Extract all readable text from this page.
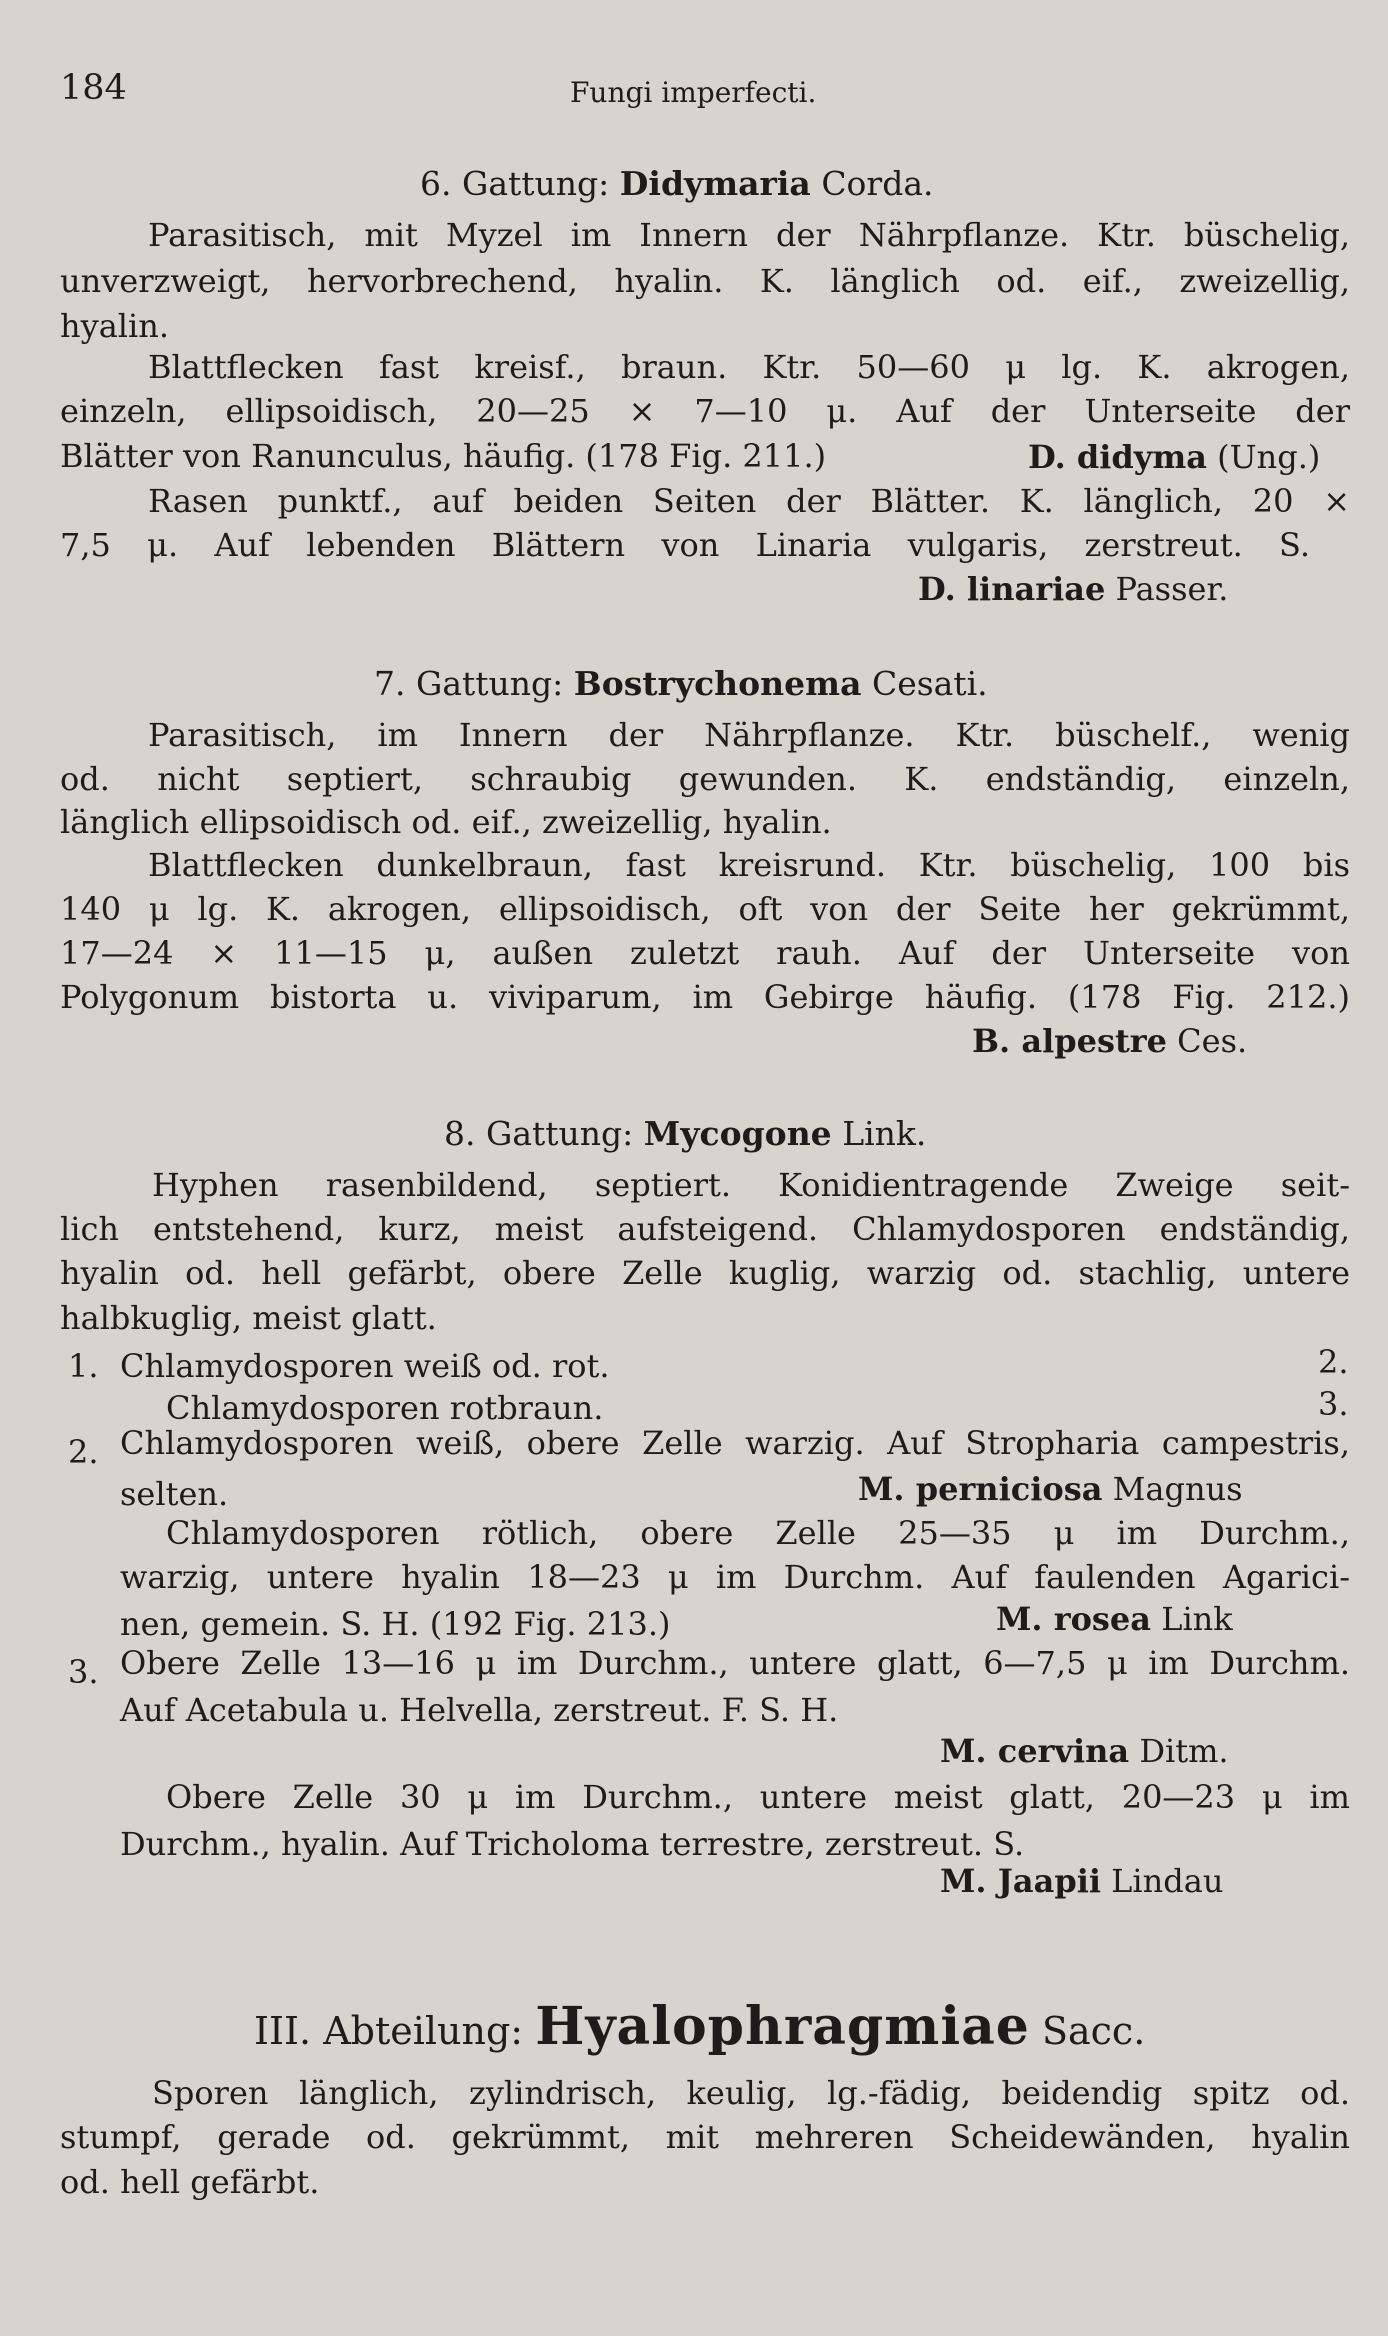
184	Fungi imperfecti.
6. Gattung: Didymaria Corda.
Parasitisch, mit Myzel im Innern der Nährpflanze. Ktr. büschelig,
unverzweigt, hervorbrechend, hyalin. K. länglich od. eif., zweizellig,
hyalin.
Blattflecken fast kreisf., braun. Ktr. 50—60 μ lg. K. akrogen,
einzeln, ellipsoidisch, 20—25 × 7—10 μ. Auf der Unterseite der
Blätter von Ranunculus, häufig. (178 Fig. 211.)	D. didyma (Ung.)
Rasen punktf., auf beiden Seiten der Blätter. K. länglich, 20 ×
7,5 μ. Auf lebenden Blättern von Linaria vulgaris, zerstreut. S.
D. linariae Passer.
7. Gattung: Bostrychonema Cesati.
Parasitisch, im Innern der Nährpflanze. Ktr. büschelf., wenig
od. nicht septiert, schraubig gewunden. K. endständig, einzeln,
länglich ellipsoidisch od. eif., zweizellig, hyalin.
Blattflecken dunkelbraun, fast kreisrund. Ktr. büschelig, 100 bis
140 μ lg. K. akrogen, ellipsoidisch, oft von der Seite her gekrümmt,
17—24 × 11—15 μ, außen zuletzt rauh. Auf der Unterseite von
Polygonum bistorta u. viviparum, im Gebirge häufig. (178 Fig. 212.)
B. alpestre Ces.
8. Gattung: Mycogone Link.
Hyphen rasenbildend, septiert. Konidientragende Zweige seit-
lich entstehend, kurz, meist aufsteigend. Chlamydosporen endständig,
hyalin od. hell gefärbt, obere Zelle kuglig, warzig od. stachlig, untere
halbkuglig, meist glatt.
1. Chlamydosporen weiß od. rot.	2.
Chlamydosporen rotbraun.	3.
2. Chlamydosporen weiß, obere Zelle warzig. Auf Stropharia campestris,
selten.	M. perniciosa Magnus
Chlamydosporen rötlich, obere Zelle 25—35 μ im Durchm.,
warzig, untere hyalin 18—23 μ im Durchm. Auf faulenden Agarici-
nen, gemein. S. H. (192 Fig. 213.)	M. rosea Link
3. Obere Zelle 13—16 μ im Durchm., untere glatt, 6—7,5 μ im Durchm.
Auf Acetabula u. Helvella, zerstreut. F. S. H.
M. cervina Ditm.
Obere Zelle 30 μ im Durchm., untere meist glatt, 20—23 μ im
Durchm., hyalin. Auf Tricholoma terrestre, zerstreut. S.
M. Jaapii Lindau
III. Abteilung: Hyalophragmiae Sacc.
Sporen länglich, zylindrisch, keulig, lg.-fädig, beidendig spitz od.
stumpf, gerade od. gekrümmt, mit mehreren Scheidewänden, hyalin
od. hell gefärbt.
